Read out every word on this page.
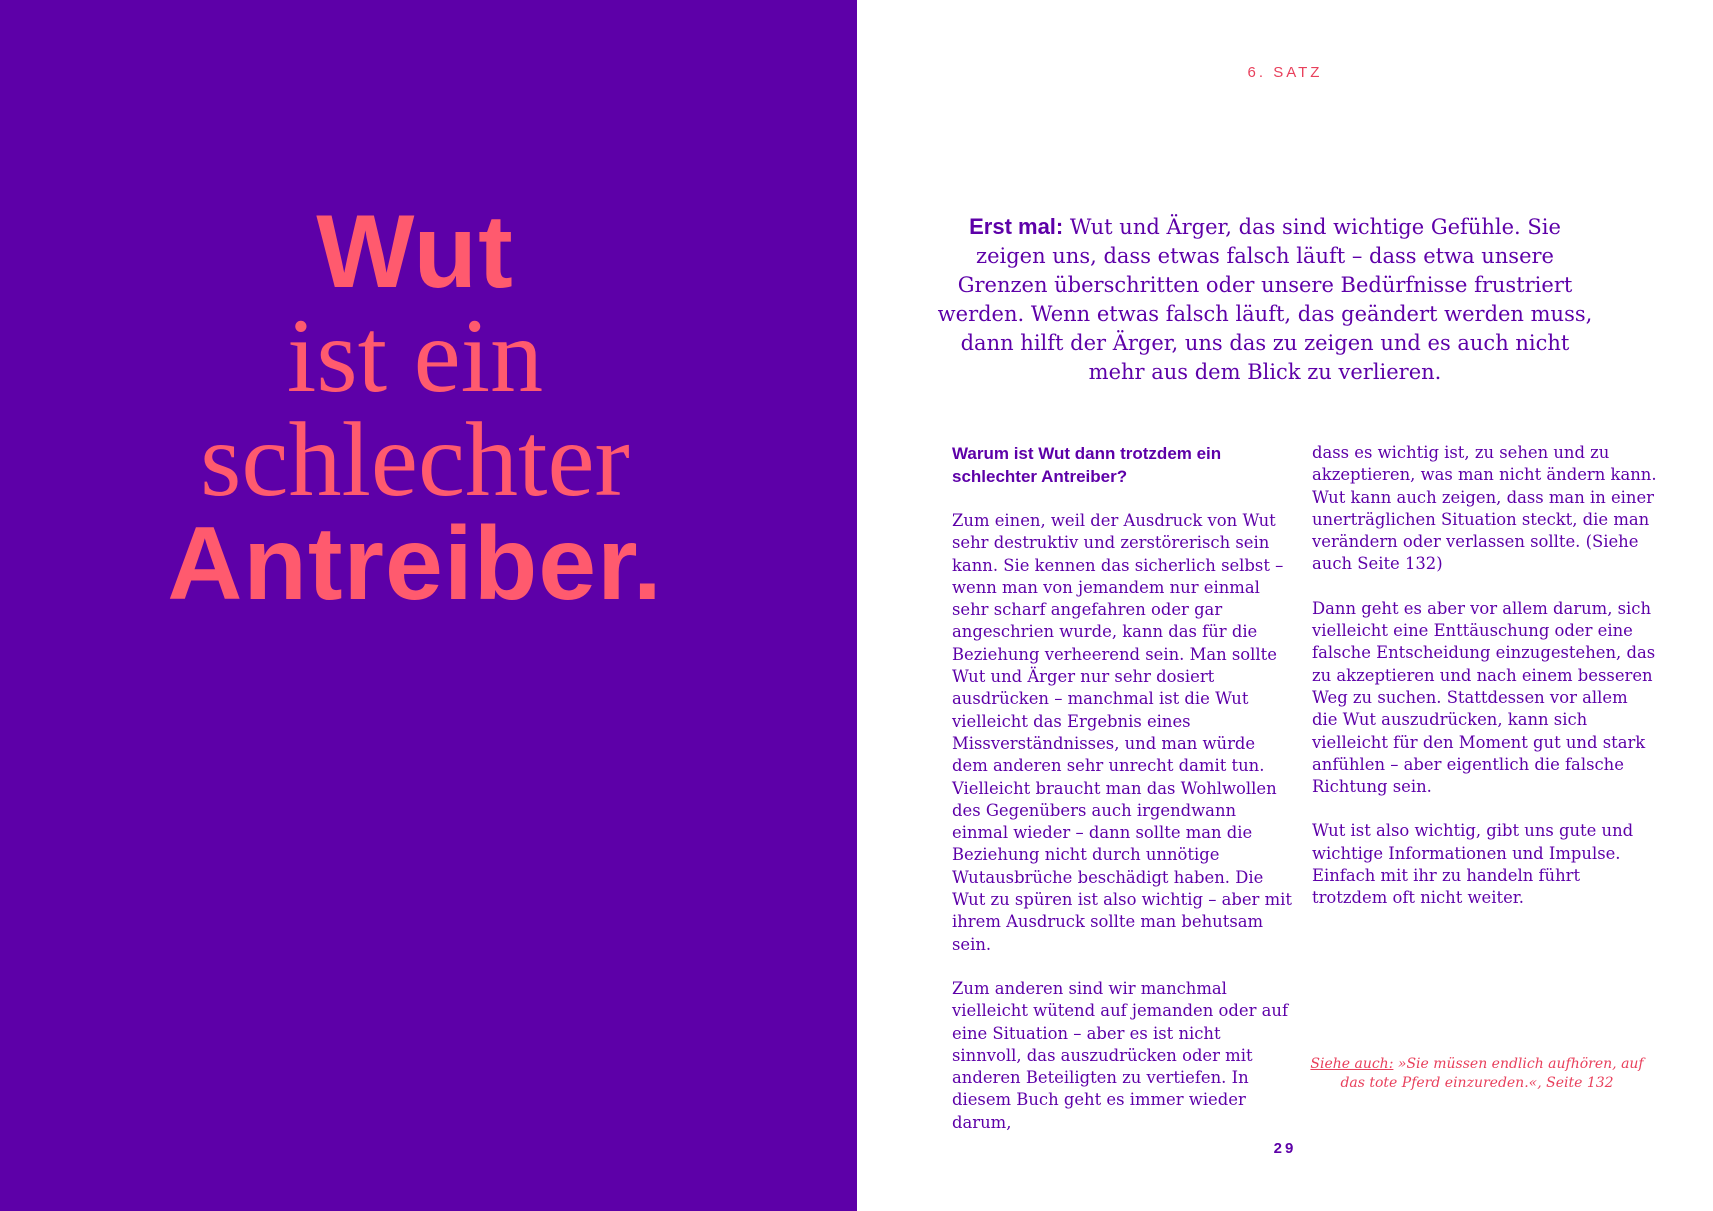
Wut
ist ein
schlechter
Antreiber.
6. SATZ
Erst mal: Wut und Ärger, das sind wichtige Gefühle. Sie zeigen uns, dass etwas falsch läuft – dass etwa unsere Grenzen überschritten oder unsere Bedürfnisse frustriert werden. Wenn etwas falsch läuft, das geändert werden muss, dann hilft der Ärger, uns das zu zeigen und es auch nicht mehr aus dem Blick zu verlieren.
Warum ist Wut dann trotzdem ein schlechter Antreiber?

Zum einen, weil der Ausdruck von Wut sehr destruktiv und zerstörerisch sein kann. Sie kennen das sicherlich selbst – wenn man von jemandem nur einmal sehr scharf angefahren oder gar angeschrien wurde, kann das für die Beziehung verheerend sein. Man sollte Wut und Ärger nur sehr dosiert ausdrücken – manchmal ist die Wut vielleicht das Ergebnis eines Missverständnisses, und man würde dem anderen sehr unrecht damit tun. Vielleicht braucht man das Wohlwollen des Gegenübers auch irgendwann einmal wieder – dann sollte man die Beziehung nicht durch unnötige Wutausbrüche beschädigt haben. Die Wut zu spüren ist also wichtig – aber mit ihrem Ausdruck sollte man behutsam sein.

Zum anderen sind wir manchmal vielleicht wütend auf jemanden oder auf eine Situation – aber es ist nicht sinnvoll, das auszudrücken oder mit anderen Beteiligten zu vertiefen. In diesem Buch geht es immer wieder darum,

dass es wichtig ist, zu sehen und zu akzeptieren, was man nicht ändern kann. Wut kann auch zeigen, dass man in einer unerträglichen Situation steckt, die man verändern oder verlassen sollte. (Siehe auch Seite 132)

Dann geht es aber vor allem darum, sich vielleicht eine Enttäuschung oder eine falsche Entscheidung einzugestehen, das zu akzeptieren und nach einem besseren Weg zu suchen. Stattdessen vor allem die Wut auszudrücken, kann sich vielleicht für den Moment gut und stark anfühlen – aber eigentlich die falsche Richtung sein.

Wut ist also wichtig, gibt uns gute und wichtige Informationen und Impulse. Einfach mit ihr zu handeln führt trotzdem oft nicht weiter.

Siehe auch: »Sie müssen endlich aufhören, auf das tote Pferd einzureden.«, Seite 132
29
